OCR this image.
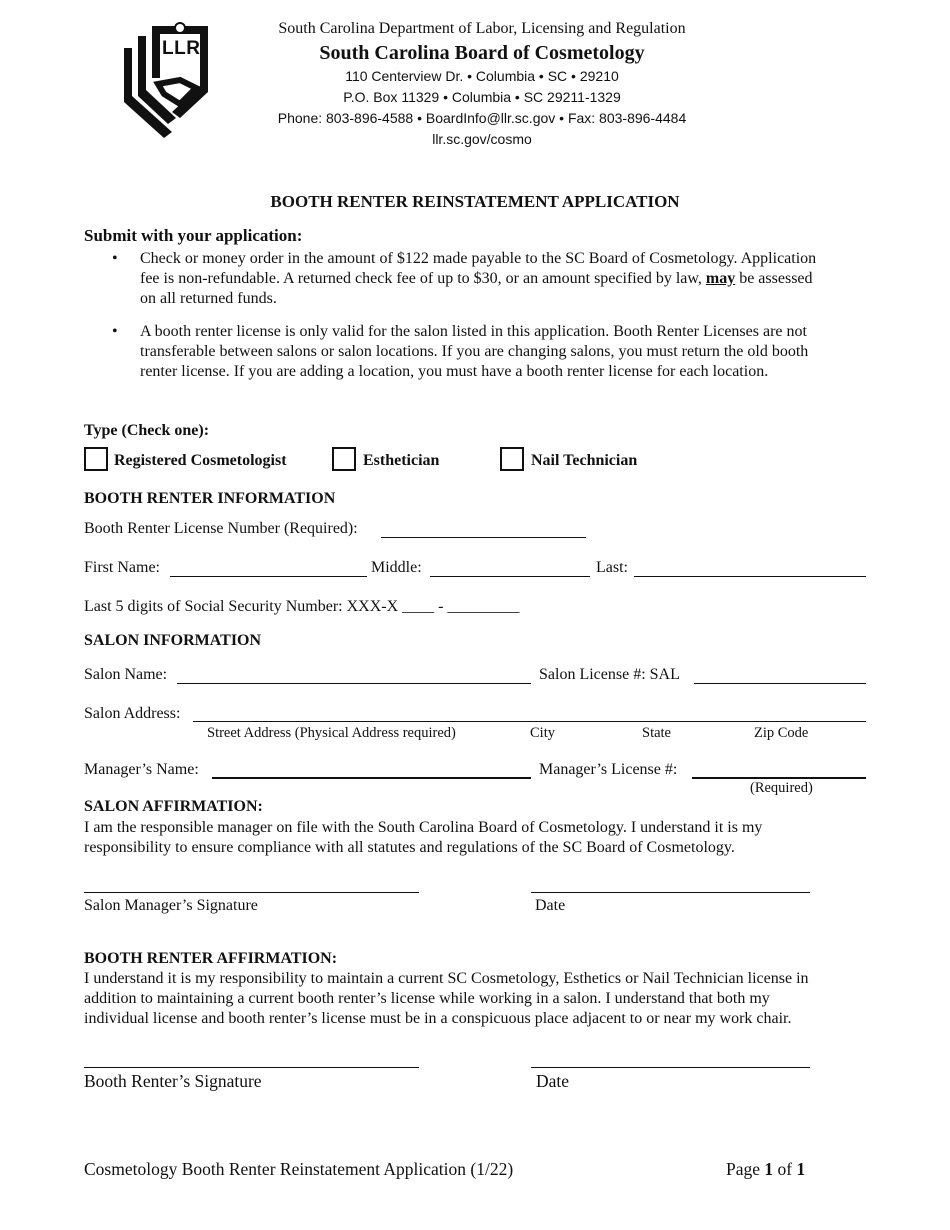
LLR
South Carolina Department of Labor, Licensing and Regulation
South Carolina Board of Cosmetology
110 Centerview Dr. • Columbia • SC • 29210
P.O. Box 11329 • Columbia • SC 29211-1329
Phone: 803-896-4588 • BoardInfo@llr.sc.gov • Fax: 803-896-4484
llr.sc.gov/cosmo
BOOTH RENTER REINSTATEMENT APPLICATION
Submit with your application:
• Check or money order in the amount of $122 made payable to the SC Board of Cosmetology. Application
fee is non-refundable. A returned check fee of up to $30, or an amount specified by law, may be assessed
on all returned funds.
• A booth renter license is only valid for the salon listed in this application. Booth Renter Licenses are not
transferable between salons or salon locations. If you are changing salons, you must return the old booth
renter license. If you are adding a location, you must have a booth renter license for each location.
Type (Check one):
Registered Cosmetologist	Esthetician	Nail Technician
BOOTH RENTER INFORMATION
Booth Renter License Number (Required):
First Name:	Middle:	Last:
Last 5 digits of Social Security Number: XXX-X ____ - _________
SALON INFORMATION
Salon Name:	Salon License #: SAL
Salon Address:
Street Address (Physical Address required)	City	State	Zip Code
Manager’s Name:	Manager’s License #:
(Required)
SALON AFFIRMATION:
I am the responsible manager on file with the South Carolina Board of Cosmetology. I understand it is my
responsibility to ensure compliance with all statutes and regulations of the SC Board of Cosmetology.
Salon Manager’s Signature	Date
BOOTH RENTER AFFIRMATION:
I understand it is my responsibility to maintain a current SC Cosmetology, Esthetics or Nail Technician license in
addition to maintaining a current booth renter’s license while working in a salon. I understand that both my
individual license and booth renter’s license must be in a conspicuous place adjacent to or near my work chair.
Booth Renter’s Signature	Date
Cosmetology Booth Renter Reinstatement Application (1/22)	Page 1 of 1
